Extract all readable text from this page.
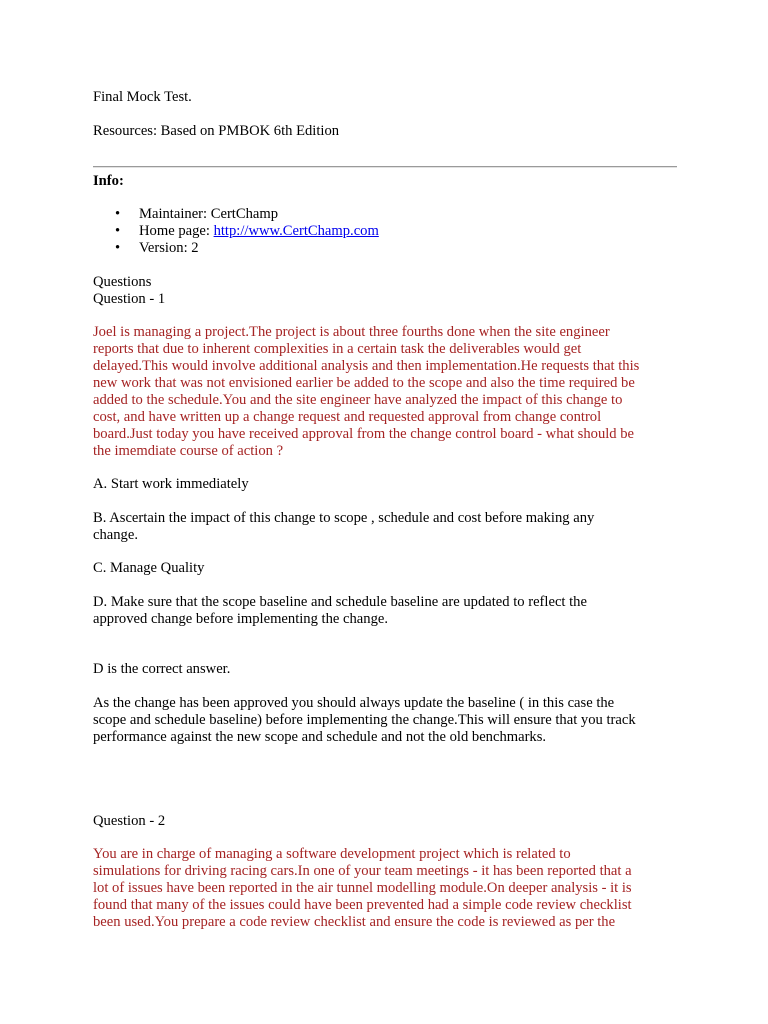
Final Mock Test.

Resources: Based on PMBOK 6th Edition

Info:

• Maintainer: CertChamp
• Home page: http://www.CertChamp.com
• Version: 2

Questions

Question - 1

Joel is managing a project.The project is about three fourths done when the site engineer
reports that due to inherent complexities in a certain task the deliverables would get
delayed.This would involve additional analysis and then implementation.He requests that this
new work that was not envisioned earlier be added to the scope and also the time required be
added to the schedule.You and the site engineer have analyzed the impact of this change to
cost, and have written up a change request and requested approval from change control
board.Just today you have received approval from the change control board - what should be
the imemdiate course of action ?

A. Start work immediately

B. Ascertain the impact of this change to scope , schedule and cost before making any
change.

C. Manage Quality

D. Make sure that the scope baseline and schedule baseline are updated to reflect the
approved change before implementing the change.

D is the correct answer.

As the change has been approved you should always update the baseline ( in this case the
scope and schedule baseline) before implementing the change.This will ensure that you track
performance against the new scope and schedule and not the old benchmarks.

Question - 2

You are in charge of managing a software development project which is related to
simulations for driving racing cars.In one of your team meetings - it has been reported that a
lot of issues have been reported in the air tunnel modelling module.On deeper analysis - it is
found that many of the issues could have been prevented had a simple code review checklist
been used.You prepare a code review checklist and ensure the code is reviewed as per the
